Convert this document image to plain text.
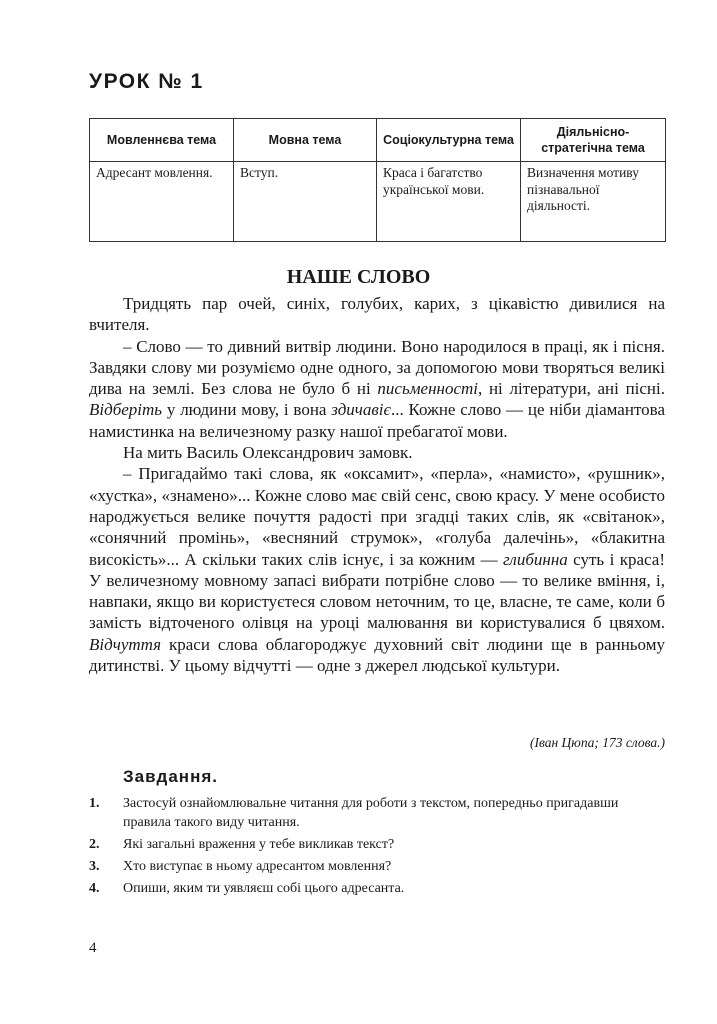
УРОК № 1
Мовленнєва тема	Мовна тема	Соціокультурна тема	Діяльнісно-стратегічна тема
Адресант мовлення.	Вступ.	Краса і багатство української мови.	Визначення мотиву пізнавальної діяльності.
НАШЕ СЛОВО

Тридцять пар очей, синіх, голубих, карих, з цікавістю дивилися на вчителя.

– Слово — то дивний витвір людини. Воно народилося в праці, як і пісня. Завдяки слову ми розуміємо одне одного, за допомогою мови творяться великі дива на землі. Без слова не було б ні письменності, ні літератури, ані пісні. Відберіть у людини мову, і вона здичавіє... Кожне слово — це ніби діамантова намистинка на величезному разку нашої пребагатої мови.

На мить Василь Олександрович замовк.

– Пригадаймо такі слова, як «оксамит», «перла», «намисто», «рушник», «хустка», «знамено»... Кожне слово має свій сенс, свою красу. У мене особисто народжується велике почуття радості при згадці таких слів, як «світанок», «сонячний промінь», «весняний струмок», «голуба далечінь», «блакитна високість»... А скільки таких слів існує, і за кожним — глибинна суть і краса! У величезному мовному запасі вибрати потрібне слово — то велике вміння, і, навпаки, якщо ви користуєтеся словом неточним, то це, власне, те саме, коли б замість відточеного олівця на уроці малювання ви користувалися б цвяхом. Відчуття краси слова облагороджує духовний світ людини ще в ранньому дитинстві. У цьому відчутті — одне з джерел людської культури.

(Іван Цюпа; 173 слова.)
Завдання.
1.	Застосуй ознайомлювальне читання для роботи з текстом, попередньо пригадавши правила такого виду читання.
2.	Які загальні враження у тебе викликав текст?
3.	Хто виступає в ньому адресантом мовлення?
4.	Опиши, яким ти уявляєш собі цього адресанта.
4
